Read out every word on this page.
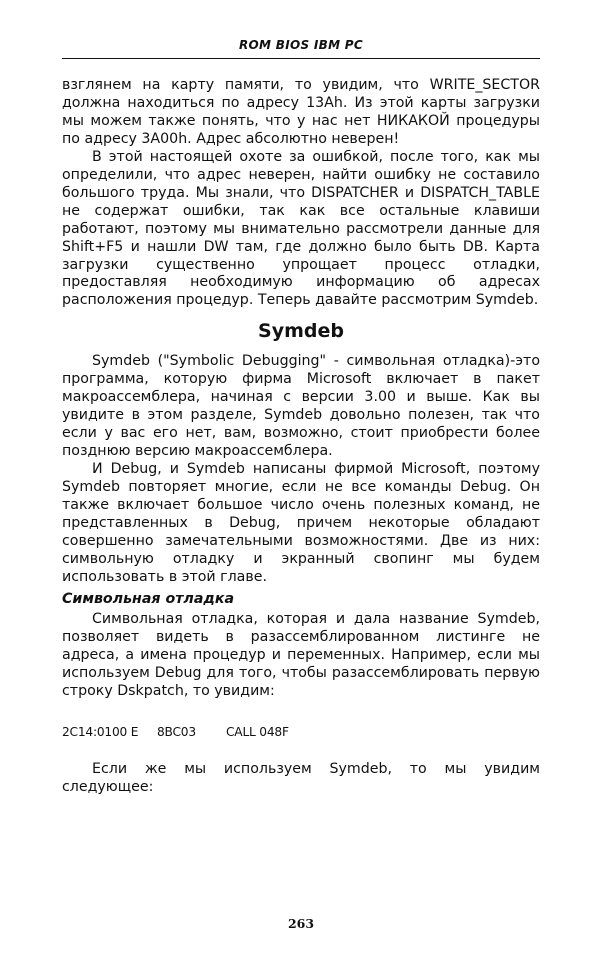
ROM BIOS IBM PC

взглянем на карту памяти, то увидим, что WRITE_SECTOR должна находиться по адресу 13Ah. Из этой карты загрузки мы можем также понять, что у нас нет НИКАКОЙ процедуры по адресу 3A00h. Адрес абсолютно неверен!

В этой настоящей охоте за ошибкой, после того, как мы определили, что адрес неверен, найти ошибку не составило большого труда. Мы знали, что DISPATCHER и DISPATCH_TABLE не содержат ошибки, так как все остальные клавиши работают, поэтому мы внимательно рассмотрели данные для Shift+F5 и нашли DW там, где должно было быть DB. Карта загрузки существенно упрощает процесс отладки, предоставляя необходимую информацию об адресах расположения процедур. Теперь давайте рассмотрим Symdeb.

Symdeb

Symdeb ("Symbolic Debugging" - символьная отладка)-это программа, которую фирма Microsoft включает в пакет макроассемблера, начиная с версии 3.00 и выше. Как вы увидите в этом разделе, Symdeb довольно полезен, так что если у вас его нет, вам, возможно, стоит приобрести более позднюю версию макроассемблера.

И Debug, и Symdeb написаны фирмой Microsoft, поэтому Symdeb повторяет многие, если не все команды Debug. Он также включает большое число очень полезных команд, не представленных в Debug, причем некоторые обладают совершенно замечательными возможностями. Две из них: символьную отладку и экранный свопинг мы будем использовать в этой главе.

Символьная отладка

Символьная отладка, которая и дала название Symdeb, позволяет видеть в разассемблированном листинге не адреса, а имена процедур и переменных. Например, если мы используем Debug для того, чтобы разассемблировать первую строку Dskpatch, то увидим:

2C14:0100 E 8BC03 CALL 048F

Если же мы используем Symdeb, то мы увидим следующее:

263
